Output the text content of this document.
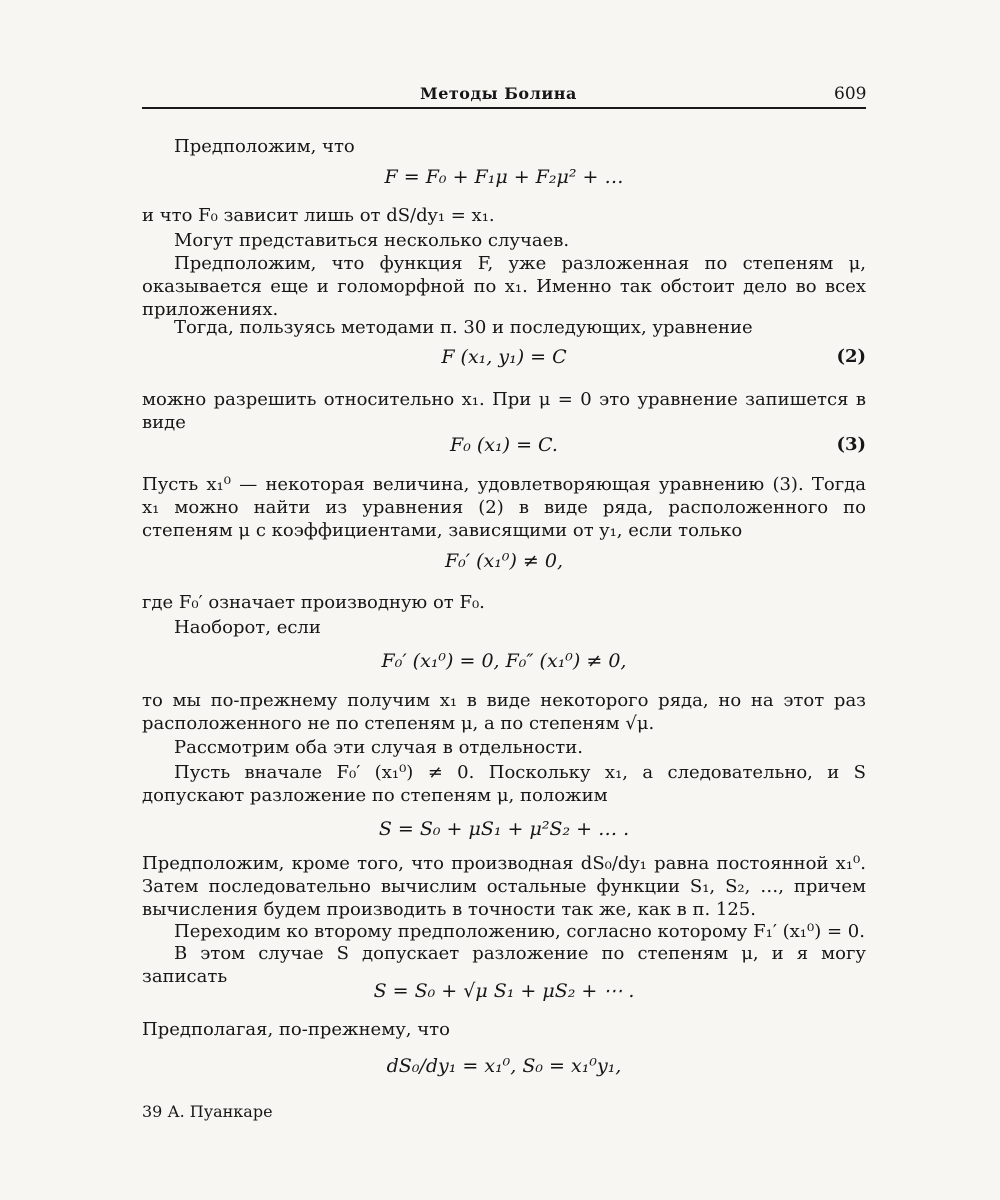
Методы Болина	609
Предположим, что
F = F₀ + F₁μ + F₂μ² + …
и что F₀ зависит лишь от dS/dy₁ = x₁.
Могут представиться несколько случаев.
Предположим, что функция F, уже разложенная по степеням μ, оказывается еще и голоморфной по x₁. Именно так обстоит дело во всех приложениях.
Тогда, пользуясь методами п. 30 и последующих, уравнение
F (x₁, y₁) = C	(2)
можно разрешить относительно x₁. При μ = 0 это уравнение запишется в виде
F₀ (x₁) = C.	(3)
Пусть x₁⁰ — некоторая величина, удовлетворяющая уравнению (3). Тогда x₁ можно найти из уравнения (2) в виде ряда, расположенного по степеням μ с коэффициентами, зависящими от y₁, если только
F₀′ (x₁⁰) ≠ 0,
где F₀′ означает производную от F₀.
Наоборот, если
F₀′ (x₁⁰) = 0, F₀″ (x₁⁰) ≠ 0,
то мы по-прежнему получим x₁ в виде некоторого ряда, но на этот раз расположенного не по степеням μ, а по степеням √μ.
Рассмотрим оба эти случая в отдельности.
Пусть вначале F₀′ (x₁⁰) ≠ 0. Поскольку x₁, а следовательно, и S допускают разложение по степеням μ, положим
S = S₀ + μS₁ + μ²S₂ + … .
Предположим, кроме того, что производная dS₀/dy₁ равна постоянной x₁⁰. Затем последовательно вычислим остальные функции S₁, S₂, …, причем вычисления будем производить в точности так же, как в п. 125.
Переходим ко второму предположению, согласно которому F₁′ (x₁⁰) = 0.
В этом случае S допускает разложение по степеням μ, и я могу записать
S = S₀ + √μ S₁ + μS₂ + ⋯ .
Предполагая, по-прежнему, что
dS₀/dy₁ = x₁⁰, S₀ = x₁⁰y₁,
39 А. Пуанкаре
